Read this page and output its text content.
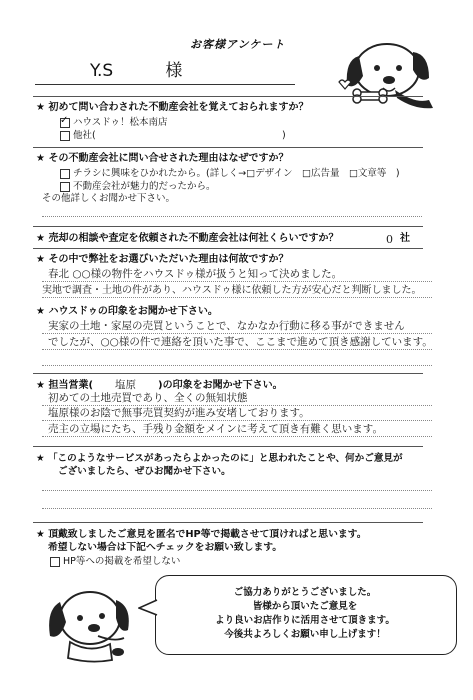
お客様アンケート
Y.S	様
★ 初めて問い合わされた不動産会社を覚えておられますか？
✓ハウスドゥ！松本南店
他社(	)
★ その不動産会社に問い合せされた理由はなぜですか？
チラシに興味をひかれたから。(詳しく→□デザイン　□広告量　□文章等　)
不動産会社が魅力的だったから。
その他詳しくお聞かせ下さい。
★ 売却の相談や査定を依頼された不動産会社は何社くらいですか？	0 社
★ その中で弊社をお選びいただいた理由は何故ですか？
春北 ○○様の物件をハウスドゥ様が扱うと知って決めました。
実地で調査・土地の件があり、ハウスドゥ様に依頼した方が安心だと判断しました。
★ ハウスドゥの印象をお聞かせ下さい。
実家の土地・家屋の売買ということで、なかなか行動に移る事ができません
でしたが、○○様の件で連絡を頂いた事で、ここまで進めて頂き感謝しています。
★ 担当営業( 塩原 )の印象をお聞かせ下さい。
初めての土地売買であり、全くの無知状態
塩原様のお陰で無事売買契約が進み安堵しております。
売主の立場にたち、手残り金額をメインに考えて頂き有難く思います。
★ 「このようなサービスがあったらよかったのに」と思われたことや、何かご意見が
ございましたら、ぜひお聞かせ下さい。
★ 頂戴致しましたご意見を匿名でHP等で掲載させて頂ければと思います。
希望しない場合は下記へチェックをお願い致します。
HP等への掲載を希望しない
ご協力ありがとうございました。
皆様から頂いたご意見を
より良いお店作りに活用させて頂きます。
今後共よろしくお願い申し上げます！
